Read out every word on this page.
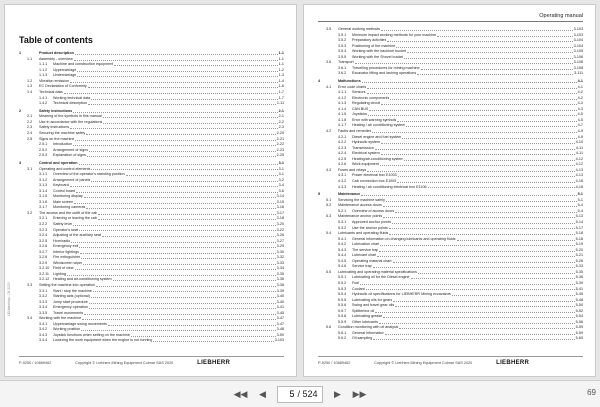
Table of contents
1	Product description	1-1
1.1	Assembly - overview	1-1
1.1.1	Machine and construction equipment	1-1
1.1.2	Uppercarriage	1-2
1.1.3	Undercarriage	1-3
1.2	Vibration emission	1-4
1.3	EC Declaration of Conformity	1-6
1.4	Technical data	1-7
1.4.1	Working technical data	1-7
1.4.2	Technical description	1-11
2	Safety instructions	2-1
2.1	Meaning of the symbols in this manual	2-1
2.2	Use in accordance with the regulations	2-2
2.3	Safety instructions	2-3
2.4	Securing the machine safely	2-20
2.5	Signs on the machine	2-21
2.5.1	Introduction	2-22
2.5.2	Arrangement of signs	2-23
2.5.3	Explanation of signs	2-25
3	Control and operation	3-1
3.1	Operating and control elements	3-1
3.1.1	Overview of the operator's standing position	3-1
3.1.2	Arrangement of panels	3-2
3.1.3	Keyboard	3-4
3.1.4	Control board	3-6
3.1.5	Monitoring display	3-14
3.1.6	Main screen	3-15
3.1.7	Monitoring cameras	3-16
3.2	The access and the outfit of the cab	3-17
3.2.1	Entering or leaving the cab	3-18
3.2.2	Safety lever	3-20
3.2.3	Operator's seat	3-22
3.2.4	Adjusting of the auxiliary seat	3-26
3.2.5	Horn/radio	3-27
3.2.6	Emergency exit	3-29
3.2.7	Interior lightings	3-30
3.2.8	Fire extinguisher	3-32
3.2.9	Windscreen wiper	3-33
3.2.10	Field of view	3-34
3.2.11	Lighting	3-35
3.2.12	Heating and air-conditioning system	3-36
3.3	Setting the machine into operation	3-38
3.3.1	Start / stop the machine	3-39
3.3.2	Starting aids (optional)	3-40
3.3.3	Jump start procedure	3-40
3.3.4	Emergency operation	3-41
3.3.5	Travel movements	3-45
3.4	Working with the machine	3-47
3.4.1	Uppercarriage swing movements	3-47
3.4.2	Working position	3-48
3.4.3	Joystick functions when setting on the machine	3-50
3.4.4	Lowering the work equipment when the engine is not running	3-103
LEUdesktop - 09 2020
P-9250 / 10889462	Copyright © Liebherr-Mining Equipment Colmar SAS 2020	LIEBHERR
Operating manual
3.5	General working methods	3-103
3.5.1	Minimum impact working methods for your machine	3-103
3.5.2	Preparatory activities	3-104
3.5.3	Positioning of the machine	3-104
3.5.4	Working with the backhoe bucket	3-105
3.5.5	Working with the Shovel bucket	3-106
3.6	Transport	3-108
3.6.1	Travelling procedures for mining machine	3-108
3.6.2	Excavator lifting and lashing operations	3-111
4	Malfunctions	4-1
4.1	Error code charts	4-1
4.1.1	Sensors	4-2
4.1.2	Electronic components	4-2
4.1.3	Regulating circuit	4-3
4.1.4	CAN BUS	4-3
4.1.5	Joysticks	4-5
4.1.6	Error with warning symbols	4-5
4.1.7	Heating / air conditioning system	4-7
4.2	Faults and remedies	4-9
4.2.1	Diesel engine and fuel system	4-9
4.2.2	Hydraulic system	4-10
4.2.3	Transmission	4-11
4.2.4	Electrical system	4-11
4.2.5	Heating/air-conditioning system	4-12
4.2.6	Work equipment	4-12
4.3	Fuses and relays	4-13
4.3.1	Power electrical box E1003	4-13
4.3.2	Cab connection box E1005	4-16
4.3.3	Heating / air conditioning electrical box E1106	4-18
5	Maintenance	5-1
5.1	Servicing the machine safely	5-1
5.2	Maintenance access doors	5-4
5.2.1	Overview of access doors	5-4
5.3	Maintenance anchor points	5-13
5.3.1	Approved anchor points	5-14
5.3.2	Use the anchor points	5-17
5.4	Lubricants and operating fluids	5-18
5.4.1	General information on changing lubricants and operating fluids	5-18
5.4.2	Lubrication chart	5-19
5.4.3	The service trap	5-20
5.4.4	Lubricant chart	5-21
5.4.5	Operating material chart	5-26
5.4.6	Service trap	5-33
5.5	Lubricating and operating material specifications	5-35
5.5.1	Lubricating oil for the Diesel engine	5-36
5.5.2	Fuel	5-39
5.5.3	Coolant	5-41
5.5.4	Hydraulic oil specifications for LIEBHERR Mining excavators	5-45
5.5.5	Lubricating oils for gears	5-48
5.5.6	Swing and travel gear oils	5-50
5.5.7	Splitterbox oil	5-52
5.5.8	Lubricating grease	5-54
5.5.9	Other lubricants	5-56
5.6	Condition monitoring with oil analysis	5-59
5.6.1	General information	5-59
5.6.2	Oil sampling	5-60
P-9250 / 10889462	Copyright © Liebherr-Mining Equipment Colmar SAS 2020	LIEBHERR
◀◀	◀
5	/ 524	▶	▶▶	69
